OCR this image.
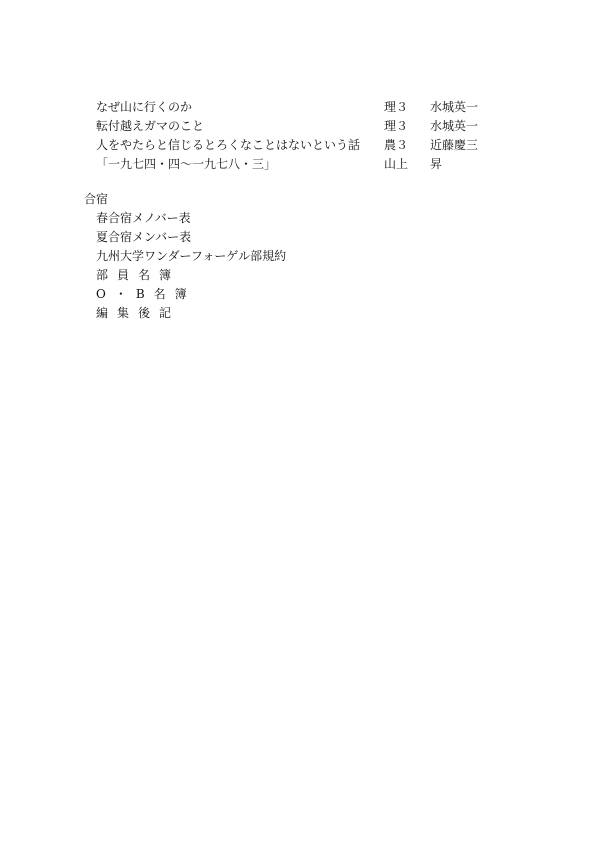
なぜ山に行くのか	理３ 水城英一
転付越えガマのこと	理３ 水城英一
人をやたらと信じるとろくなことはないという話 農３ 近藤慶三
「一九七四・四〜一九七八・三」	山上 昇
合宿
春合宿メノバー表
夏合宿メンバー表
九州大学ワンダーフォーゲル部規約
部員名簿
O・B名簿
編集後記
